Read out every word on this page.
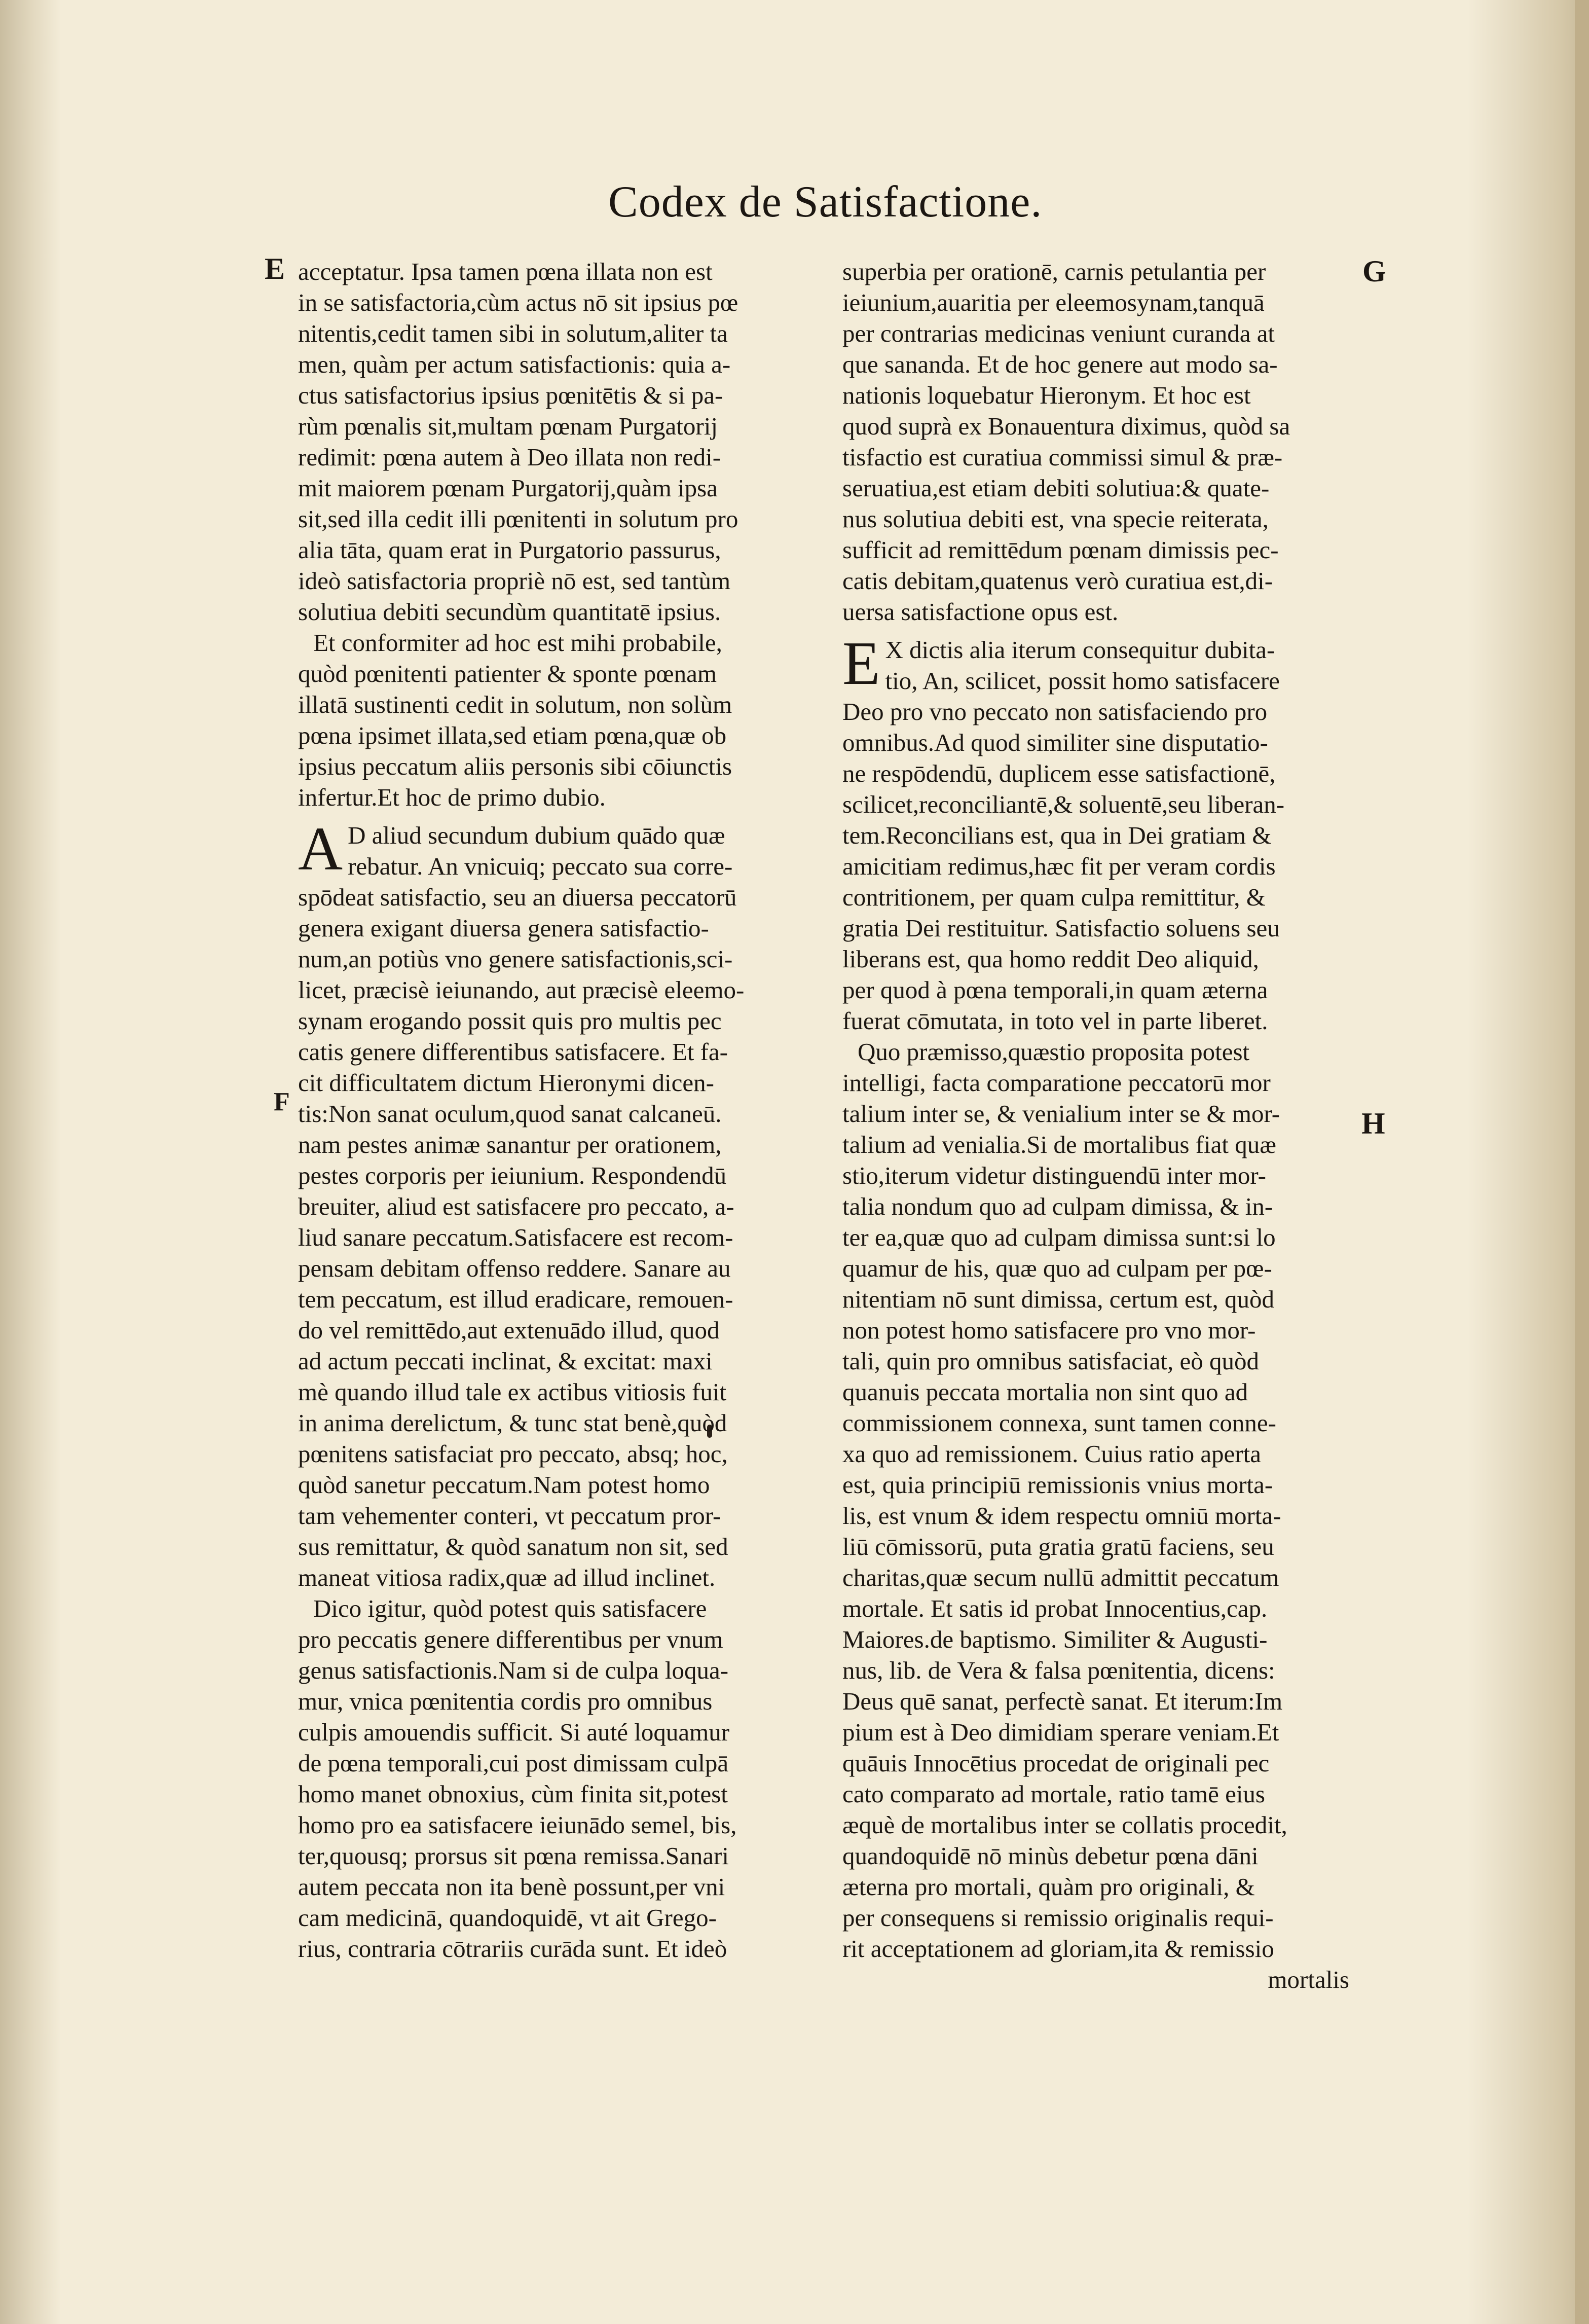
Codex de Satisfactione.
E
F
G
H
acceptatur. Ipsa tamen pœna illata non est
in se satisfactoria,cùm actus nō sit ipsius pœ
nitentis,cedit tamen sibi in solutum,aliter ta
men, quàm per actum satisfactionis: quia a-
ctus satisfactorius ipsius pœnitētis & si pa-
rùm pœnalis sit,multam pœnam Purgatorij
redimit: pœna autem à Deo illata non redi-
mit maiorem pœnam Purgatorij,quàm ipsa
sit,sed illa cedit illi pœnitenti in solutum pro
alia tāta, quam erat in Purgatorio passurus,
ideò satisfactoria propriè nō est, sed tantùm
solutiua debiti secundùm quantitatē ipsius.
Et conformiter ad hoc est mihi probabile,
quòd pœnitenti patienter & sponte pœnam
illatā sustinenti cedit in solutum, non solùm
pœna ipsimet illata,sed etiam pœna,quæ ob
ipsius peccatum aliis personis sibi cōiunctis
infertur.Et hoc de primo dubio.
A D aliud secundum dubium quādo quæ
rebatur. An vnicuiq; peccato sua corre-
spōdeat satisfactio, seu an diuersa peccatorū
genera exigant diuersa genera satisfactio-
num,an potiùs vno genere satisfactionis,sci-
licet, præcisè ieiunando, aut præcisè eleemo-
synam erogando possit quis pro multis pec
catis genere differentibus satisfacere. Et fa-
cit difficultatem dictum Hieronymi dicen-
tis:Non sanat oculum,quod sanat calcaneū.
nam pestes animæ sanantur per orationem,
pestes corporis per ieiunium. Respondendū
breuiter, aliud est satisfacere pro peccato, a-
liud sanare peccatum.Satisfacere est recom-
pensam debitam offenso reddere. Sanare au
tem peccatum, est illud eradicare, remouen-
do vel remittēdo,aut extenuādo illud, quod
ad actum peccati inclinat, & excitat: maxi
mè quando illud tale ex actibus vitiosis fuit
in anima derelictum, & tunc stat benè,quòd
pœnitens satisfaciat pro peccato, absq; hoc,
quòd sanetur peccatum.Nam potest homo
tam vehementer conteri, vt peccatum pror-
sus remittatur, & quòd sanatum non sit, sed
maneat vitiosa radix,quæ ad illud inclinet.
Dico igitur, quòd potest quis satisfacere
pro peccatis genere differentibus per vnum
genus satisfactionis.Nam si de culpa loqua-
mur, vnica pœnitentia cordis pro omnibus
culpis amouendis sufficit. Si auté loquamur
de pœna temporali,cui post dimissam culpā
homo manet obnoxius, cùm finita sit,potest
homo pro ea satisfacere ieiunādo semel, bis,
ter,quousq; prorsus sit pœna remissa.Sanari
autem peccata non ita benè possunt,per vni
cam medicinā, quandoquidē, vt ait Grego-
rius, contraria cōtrariis curāda sunt. Et ideò
superbia per orationē, carnis petulantia per
ieiunium,auaritia per eleemosynam,tanquā
per contrarias medicinas veniunt curanda at
que sananda. Et de hoc genere aut modo sa-
nationis loquebatur Hieronym. Et hoc est
quod suprà ex Bonauentura diximus, quòd sa
tisfactio est curatiua commissi simul & præ-
seruatiua,est etiam debiti solutiua:& quate-
nus solutiua debiti est, vna specie reiterata,
sufficit ad remittēdum pœnam dimissis pec-
catis debitam,quatenus verò curatiua est,di-
uersa satisfactione opus est.
E X dictis alia iterum consequitur dubita-
tio, An, scilicet, possit homo satisfacere
Deo pro vno peccato non satisfaciendo pro
omnibus.Ad quod similiter sine disputatio-
ne respōdendū, duplicem esse satisfactionē,
scilicet,reconciliantē,& soluentē,seu liberan-
tem.Reconcilians est, qua in Dei gratiam &
amicitiam redimus,hæc fit per veram cordis
contritionem, per quam culpa remittitur, &
gratia Dei restituitur. Satisfactio soluens seu
liberans est, qua homo reddit Deo aliquid,
per quod à pœna temporali,in quam æterna
fuerat cōmutata, in toto vel in parte liberet.
Quo præmisso,quæstio proposita potest
intelligi, facta comparatione peccatorū mor
talium inter se, & venialium inter se & mor-
talium ad venialia.Si de mortalibus fiat quæ
stio,iterum videtur distinguendū inter mor-
talia nondum quo ad culpam dimissa, & in-
ter ea,quæ quo ad culpam dimissa sunt:si lo
quamur de his, quæ quo ad culpam per pœ-
nitentiam nō sunt dimissa, certum est, quòd
non potest homo satisfacere pro vno mor-
tali, quin pro omnibus satisfaciat, eò quòd
quanuis peccata mortalia non sint quo ad
commissionem connexa, sunt tamen conne-
xa quo ad remissionem. Cuius ratio aperta
est, quia principiū remissionis vnius morta-
lis, est vnum & idem respectu omniū morta-
liū cōmissorū, puta gratia gratū faciens, seu
charitas,quæ secum nullū admittit peccatum
mortale. Et satis id probat Innocentius,cap.
Maiores.de baptismo. Similiter & Augusti-
nus, lib. de Vera & falsa pœnitentia, dicens:
Deus quē sanat, perfectè sanat. Et iterum:Im
pium est à Deo dimidiam sperare veniam.Et
quāuis Innocētius procedat de originali pec
cato comparato ad mortale, ratio tamē eius
æquè de mortalibus inter se collatis procedit,
quandoquidē nō minùs debetur pœna dāni
æterna pro mortali, quàm pro originali, &
per consequens si remissio originalis requi-
rit acceptationem ad gloriam,ita & remissio
mortalis
